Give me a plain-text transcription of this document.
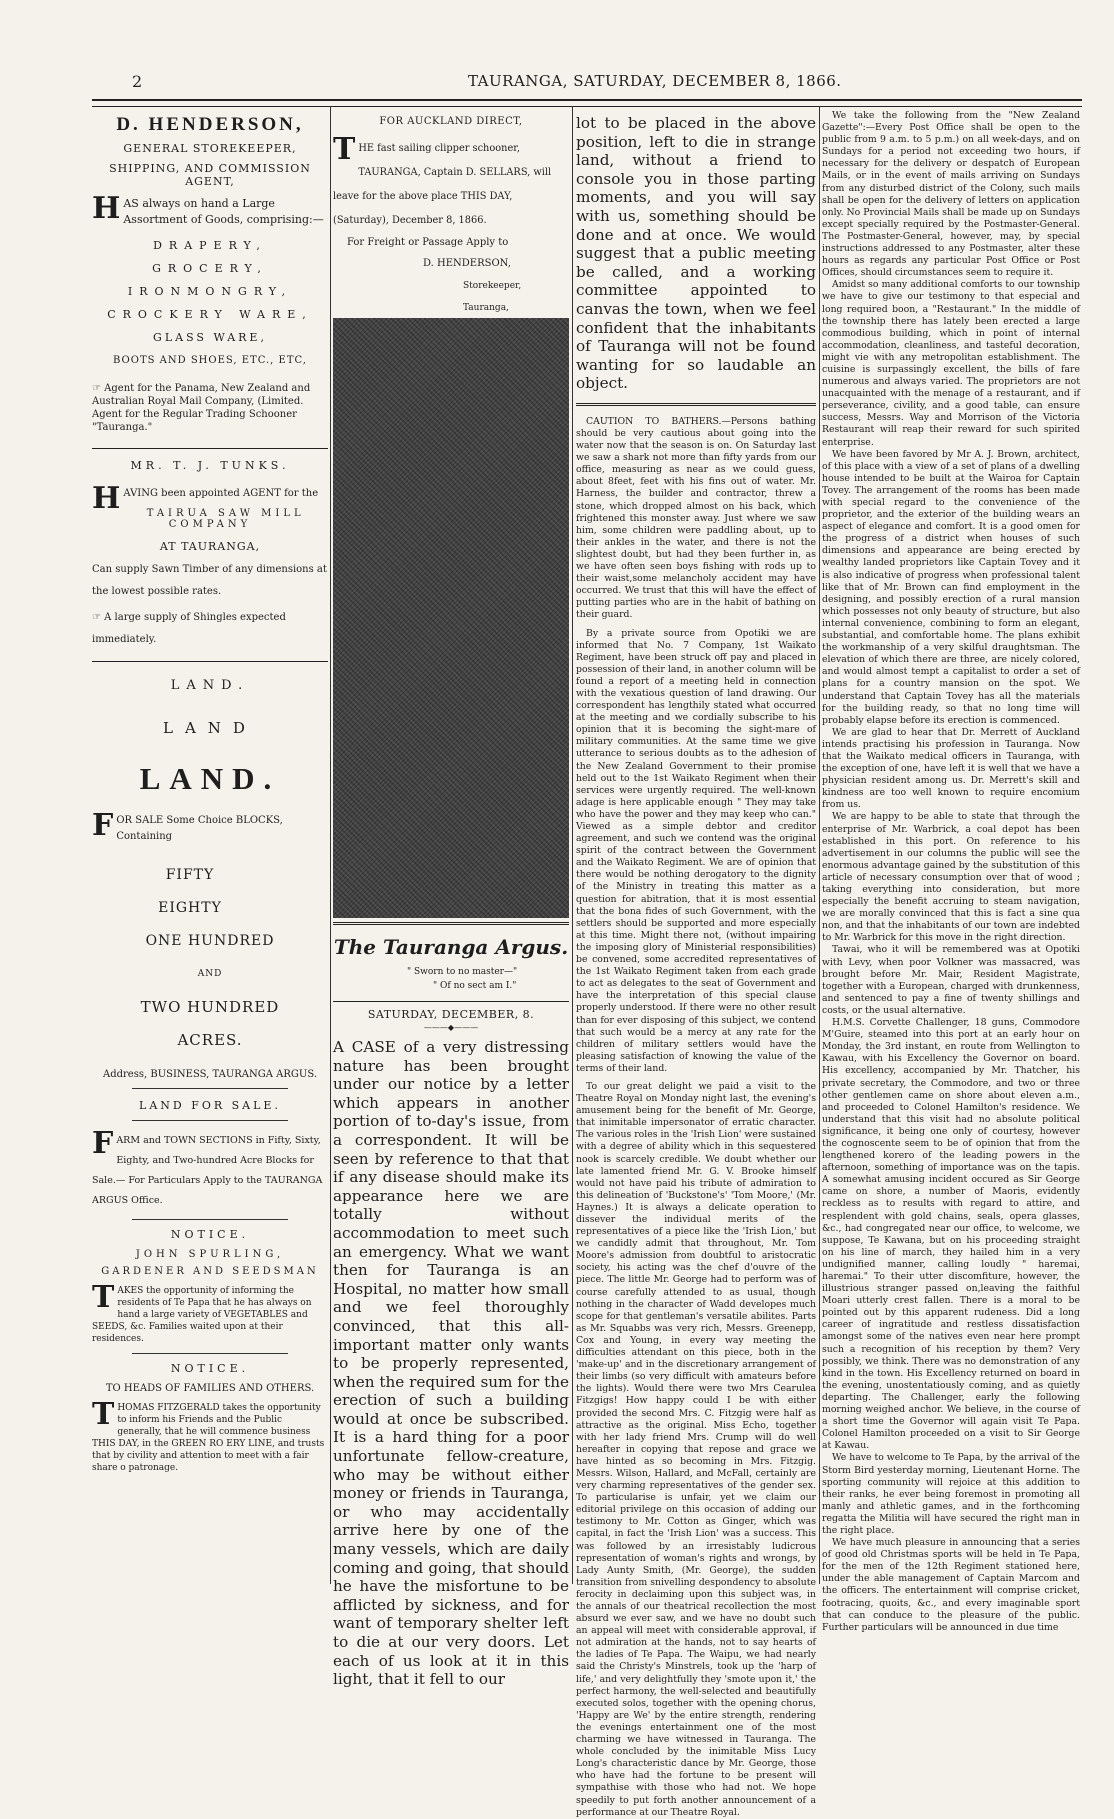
2	TAURANGA, SATURDAY, DECEMBER 8, 1866.
D. HENDERSON,
GENERAL STOREKEEPER,
SHIPPING, AND COMMISSION AGENT,
HAS always on hand a Large Assortment of Goods, comprising:—
DRAPERY,
GROCERY,
IRONMONGRY,
CROCKERY WARE,
GLASS WARE,
BOOTS AND SHOES, ETC., ETC,
☞ Agent for the Panama, New Zealand and Australian Royal Mail Company, (Limited. Agent for the Regular Trading Schooner "Tauranga."
MR. T. J. TUNKS.
HAVING been appointed AGENT for the
TAIRUA SAW MILL COMPANY
AT TAURANGA,
Can supply Sawn Timber of any dimensions at the lowest possible rates.
☞ A large supply of Shingles expected immediately.
LAND.
LAND
LAND.
FOR SALE Some Choice BLOCKS, Containing
FIFTY
EIGHTY
ONE HUNDRED
AND
TWO HUNDRED
ACRES.
Address, BUSINESS, TAURANGA ARGUS.
LAND FOR SALE.
FARM and TOWN SECTIONS in Fifty, Sixty, Eighty, and Two-hundred Acre Blocks for Sale.— For Particulars Apply to the TAURANGA ARGUS Office.
NOTICE.
JOHN SPURLING,
GARDENER AND SEEDSMAN
TAKES the opportunity of informing the residents of Te Papa that he has always on hand a large variety of VEGETABLES and SEEDS, &c. Families waited upon at their residences.
NOTICE.
TO HEADS OF FAMILIES AND OTHERS.
THOMAS FITZGERALD takes the opportunity to inform his Friends and the Public generally, that he will commence business THIS DAY, in the GREEN RO ERY LINE, and trusts that by civility and attention to meet with a fair share o patronage.
FOR AUCKLAND DIRECT,
THE fast sailing clipper schooner, TAURANGA, Captain D. SELLARS, will leave for the above place THIS DAY, (Saturday), December 8, 1866.
For Freight or Passage Apply to
D. HENDERSON,
Storekeeper, Tauranga,

The Tauranga Argus.
" Sworn to no master—"
" Of no sect am I."
SATURDAY, DECEMBER, 8.
———◆———
A CASE of a very distressing nature has been brought under our notice by a letter which appears in another portion of to-day's issue, from a correspondent. It will be seen by reference to that that if any disease should make its appearance here we are totally without accommodation to meet such an emergency. What we want then for Tauranga is an Hospital, no matter how small and we feel thoroughly convinced, that this all-important matter only wants to be properly represented, when the required sum for the erection of such a building would at once be subscribed. It is a hard thing for a poor unfortunate fellow-creature, who may be without either money or friends in Tauranga, or who may accidentally arrive here by one of the many vessels, which are daily coming and going, that should he have the misfortune to be afflicted by sickness, and for want of temporary shelter left to die at our very doors. Let each of us look at it in this light, that it fell to our
lot to be placed in the above position, left to die in strange land, without a friend to console you in those parting moments, and you will say with us, something should be done and at once. We would suggest that a public meeting be called, and a working committee appointed to canvas the town, when we feel confident that the inhabitants of Tauranga will not be found wanting for so laudable an object.

CAUTION TO BATHERS.—Persons bathing should be very cautious about going into the water now that the season is on. On Saturday last we saw a shark not more than fifty yards from our office, measuring as near as we could guess, about 8feet, feet with his fins out of water. Mr. Harness, the builder and contractor, threw a stone, which dropped almost on his back, which frightened this monster away. Just where we saw him, some children were paddling about, up to their ankles in the water, and there is not the slightest doubt, but had they been further in, as we have often seen boys fishing with rods up to their waist,some melancholy accident may have occurred. We trust that this will have the effect of putting parties who are in the habit of bathing on their guard.

By a private source from Opotiki we are informed that No. 7 Company, 1st Waikato Regiment, have been struck off pay and placed in possession of their land, in another column will be found a report of a meeting held in connection with the vexatious question of land drawing. Our correspondent has lengthily stated what occurred at the meeting and we cordially subscribe to his opinion that it is becoming the sight-mare of military communities. At the same time we give utterance to serious doubts as to the adhesion of the New Zealand Government to their promise held out to the 1st Waikato Regiment when their services were urgently required. The well-known adage is here applicable enough " They may take who have the power and they may keep who can." Viewed as a simple debtor and creditor agreement, and such we contend was the original spirit of the contract between the Government and the Waikato Regiment. We are of opinion that there would be nothing derogatory to the dignity of the Ministry in treating this matter as a question for abitration, that it is most essential that the bona fides of such Government, with the settlers should be supported and more especially at this time. Might there not, (without impairing the imposing glory of Ministerial responsibilities) be convened, some accredited representatives of the 1st Waikato Regiment taken from each grade to act as delegates to the seat of Government and have the interpretation of this special clause properly understood. If there were no other result than for ever disposing of this subject, we contend that such would be a mercy at any rate for the children of military settlers would have the pleasing satisfaction of knowing the value of the terms of their land.

To our great delight we paid a visit to the Theatre Royal on Monday night last, the evening's amusement being for the benefit of Mr. George, that inimitable impersonator of erratic character. The various roles in the 'Irish Lion' were sustained with a degree of ability which in this sequestered nook is scarcely credible. We doubt whether our late lamented friend Mr. G. V. Brooke himself would not have paid his tribute of admiration to this delineation of 'Buckstone's' 'Tom Moore,' (Mr. Haynes.) It is always a delicate operation to dissever the individual merits of the representatives of a piece like the 'Irish Lion,' but we candidly admit that throughout, Mr. Tom Moore's admission from doubtful to aristocratic society, his acting was the chef d'ouvre of the piece. The little Mr. George had to perform was of course carefully attended to as usual, though nothing in the character of Wadd developes much scope for that gentleman's versatile abilites. Parts as Mr. Squabbs was very rich, Messrs. Greenepp, Cox and Young, in every way meeting the difficulties attendant on this piece, both in the 'make-up' and in the discretionary arrangement of their limbs (so very difficult with amateurs before the lights). Would there were two Mrs Cearulea Fitzgigs! How happy could I be with either provided the second Mrs. C. Fitzgig were half as attractive as the original. Miss Echo, together with her lady friend Mrs. Crump will do well hereafter in copying that repose and grace we have hinted as so becoming in Mrs. Fitzgig. Messrs. Wilson, Hallard, and McFall, certainly are very charming representatives of the gender sex. To particularise is unfair, yet we claim our editorial privilege on this occasion of adding our testimony to Mr. Cotton as Ginger, which was capital, in fact the 'Irish Lion' was a success. This was followed by an irresistably ludicrous representation of woman's rights and wrongs, by Lady Aunty Smith, (Mr. George), the sudden transition from snivelling despondency to absolute ferocity in declaiming upon this subject was, in the annals of our theatrical recollection the most absurd we ever saw, and we have no doubt such an appeal will meet with considerable approval, if not admiration at the hands, not to say hearts of the ladies of Te Papa. The Waipu, we had nearly said the Christy's Minstrels, took up the 'harp of life,' and very delightfully they 'smote upon it,' the perfect harmony, the well-selected and beautifully executed solos, together with the opening chorus, 'Happy are We' by the entire strength, rendering the evenings entertainment one of the most charming we have witnessed in Tauranga. The whole concluded by the inimitable Miss Lucy Long's characteristic dance by Mr. George, those who have had the fortune to be present will sympathise with those who had not. We hope speedily to put forth another announcement of a performance at our Theatre Royal.

We take the following from the "New Zealand Gazette":—Every Post Office shall be open to the public from 9 a.m. to 5 p.m.) on all week-days, and on Sundays for a period not exceeding two hours, if necessary for the delivery or despatch of European Mails, or in the event of mails arriving on Sundays from any disturbed district of the Colony, such mails shall be open for the delivery of letters on application only. No Provincial Mails shall be made up on Sundays except specially required by the Postmaster-General. The Postmaster-General, however, may, by special instructions addressed to any Postmaster, alter these hours as regards any particular Post Office or Post Offices, should circumstances seem to require it.

Amidst so many additional comforts to our township we have to give our testimony to that especial and long required boon, a "Restaurant." In the middle of the township there has lately been erected a large commodious building, which in point of internal accommodation, cleanliness, and tasteful decoration, might vie with any metropolitan establishment. The cuisine is surpassingly excellent, the bills of fare numerous and always varied. The proprietors are not unacquainted with the menage of a restaurant, and if perseverance, civility, and a good table, can ensure success, Messrs. Way and Morrison of the Victoria Restaurant will reap their reward for such spirited enterprise.

We have been favored by Mr A. J. Brown, architect, of this place with a view of a set of plans of a dwelling house intended to be built at the Wairoa for Captain Tovey. The arrangement of the rooms has been made with special regard to the convenience of the proprietor, and the exterior of the building wears an aspect of elegance and comfort. It is a good omen for the progress of a district when houses of such dimensions and appearance are being erected by wealthy landed proprietors like Captain Tovey and it is also indicative of progress when professional talent like that of Mr. Brown can find employment in the designing, and possibly erection of a rural mansion which possesses not only beauty of structure, but also internal convenience, combining to form an elegant, substantial, and comfortable home. The plans exhibit the workmanship of a very skilful draughtsman. The elevation of which there are three, are nicely colored, and would almost tempt a capitalist to order a set of plans for a country mansion on the spot. We understand that Captain Tovey has all the materials for the building ready, so that no long time will probably elapse before its erection is commenced.

We are glad to hear that Dr. Merrett of Auckland intends practising his profession in Tauranga. Now that the Waikato medical officers in Tauranga, with the exception of one, have left it is well that we have a physician resident among us. Dr. Merrett's skill and kindness are too well known to require encomium from us.

We are happy to be able to state that through the enterprise of Mr. Warbrick, a coal depot has been established in this port. On reference to his advertisement in our columns the public will see the enormous advantage gained by the substitution of this article of necessary consumption over that of wood ; taking everything into consideration, but more especially the benefit accruing to steam navigation, we are morally convinced that this is fact a sine qua non, and that the inhabitants of our town are indebted to Mr. Warbrick for this move in the right direction.

Tawai, who it will be remembered was at Opotiki with Levy, when poor Volkner was massacred, was brought before Mr. Mair, Resident Magistrate, together with a European, charged with drunkenness, and sentenced to pay a fine of twenty shillings and costs, or the usual alternative.

H.M.S. Corvette Challenger, 18 guns, Commodore M'Guire, steamed into this port at an early hour on Monday, the 3rd instant, en route from Wellington to Kawau, with his Excellency the Governor on board. His excellency, accompanied by Mr. Thatcher, his private secretary, the Commodore, and two or three other gentlemen came on shore about eleven a.m., and proceeded to Colonel Hamilton's residence. We understand that this visit had no absolute political significance, it being one only of courtesy, however the cognoscente seem to be of opinion that from the lengthened korero of the leading powers in the afternoon, something of importance was on the tapis. A somewhat amusing incident occured as Sir George came on shore, a number of Maoris, evidently reckless as to results with regard to attire, and resplendent with gold chains, seals, opera glasses, &c., had congregated near our office, to welcome, we suppose, Te Kawana, but on his proceeding straight on his line of march, they hailed him in a very undignified manner, calling loudly " haremai, haremai." To their utter discomfiture, however, the illustrious stranger passed on,leaving the faithful Moari utterly crest fallen. There is a moral to be pointed out by this apparent rudeness. Did a long career of ingratitude and restless dissatisfaction amongst some of the natives even near here prompt such a recognition of his reception by them? Very possibly, we think. There was no demonstration of any kind in the town. His Excellency returned on board in the evening, unostentatiously coming, and as quietly departing. The Challenger, early the following morning weighed anchor. We believe, in the course of a short time the Governor will again visit Te Papa. Colonel Hamilton proceeded on a visit to Sir George at Kawau.

We have to welcome to Te Papa, by the arrival of the Storm Bird yesterday morning, Lieutenant Horne. The sporting community will rejoice at this addition to their ranks, he ever being foremost in promoting all manly and athletic games, and in the forthcoming regatta the Militia will have secured the right man in the right place.

We have much pleasure in announcing that a series of good old Christmas sports will be held in Te Papa, for the men of the 12th Regiment stationed here, under the able management of Captain Marcom and the officers. The entertainment will comprise cricket, footracing, quoits, &c., and every imaginable sport that can conduce to the pleasure of the public. Further particulars will be announced in due time
